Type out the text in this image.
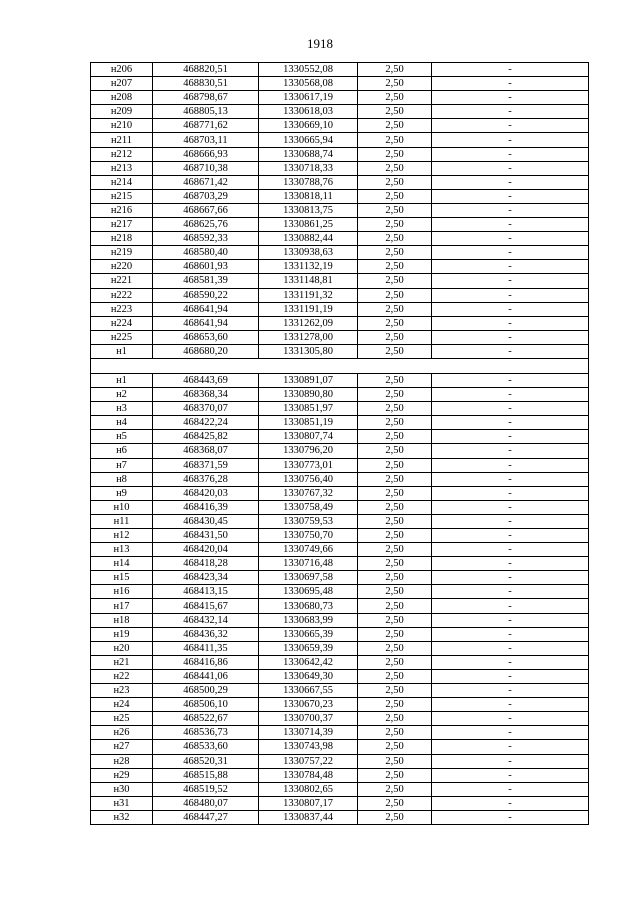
1918
н206	468820,51	1330552,08	2,50	-
н207	468830,51	1330568,08	2,50	-
н208	468798,67	1330617,19	2,50	-
н209	468805,13	1330618,03	2,50	-
н210	468771,62	1330669,10	2,50	-
н211	468703,11	1330665,94	2,50	-
н212	468666,93	1330688,74	2,50	-
н213	468710,38	1330718,33	2,50	-
н214	468671,42	1330788,76	2,50	-
н215	468703,29	1330818,11	2,50	-
н216	468667,66	1330813,75	2,50	-
н217	468625,76	1330861,25	2,50	-
н218	468592,33	1330882,44	2,50	-
н219	468580,40	1330938,63	2,50	-
н220	468601,93	1331132,19	2,50	-
н221	468581,39	1331148,81	2,50	-
н222	468590,22	1331191,32	2,50	-
н223	468641,94	1331191,19	2,50	-
н224	468641,94	1331262,09	2,50	-
н225	468653,60	1331278,00	2,50	-
н1	468680,20	1331305,80	2,50	-

н1	468443,69	1330891,07	2,50	-
н2	468368,34	1330890,80	2,50	-
н3	468370,07	1330851,97	2,50	-
н4	468422,24	1330851,19	2,50	-
н5	468425,82	1330807,74	2,50	-
н6	468368,07	1330796,20	2,50	-
н7	468371,59	1330773,01	2,50	-
н8	468376,28	1330756,40	2,50	-
н9	468420,03	1330767,32	2,50	-
н10	468416,39	1330758,49	2,50	-
н11	468430,45	1330759,53	2,50	-
н12	468431,50	1330750,70	2,50	-
н13	468420,04	1330749,66	2,50	-
н14	468418,28	1330716,48	2,50	-
н15	468423,34	1330697,58	2,50	-
н16	468413,15	1330695,48	2,50	-
н17	468415,67	1330680,73	2,50	-
н18	468432,14	1330683,99	2,50	-
н19	468436,32	1330665,39	2,50	-
н20	468411,35	1330659,39	2,50	-
н21	468416,86	1330642,42	2,50	-
н22	468441,06	1330649,30	2,50	-
н23	468500,29	1330667,55	2,50	-
н24	468506,10	1330670,23	2,50	-
н25	468522,67	1330700,37	2,50	-
н26	468536,73	1330714,39	2,50	-
н27	468533,60	1330743,98	2,50	-
н28	468520,31	1330757,22	2,50	-
н29	468515,88	1330784,48	2,50	-
н30	468519,52	1330802,65	2,50	-
н31	468480,07	1330807,17	2,50	-
н32	468447,27	1330837,44	2,50	-
